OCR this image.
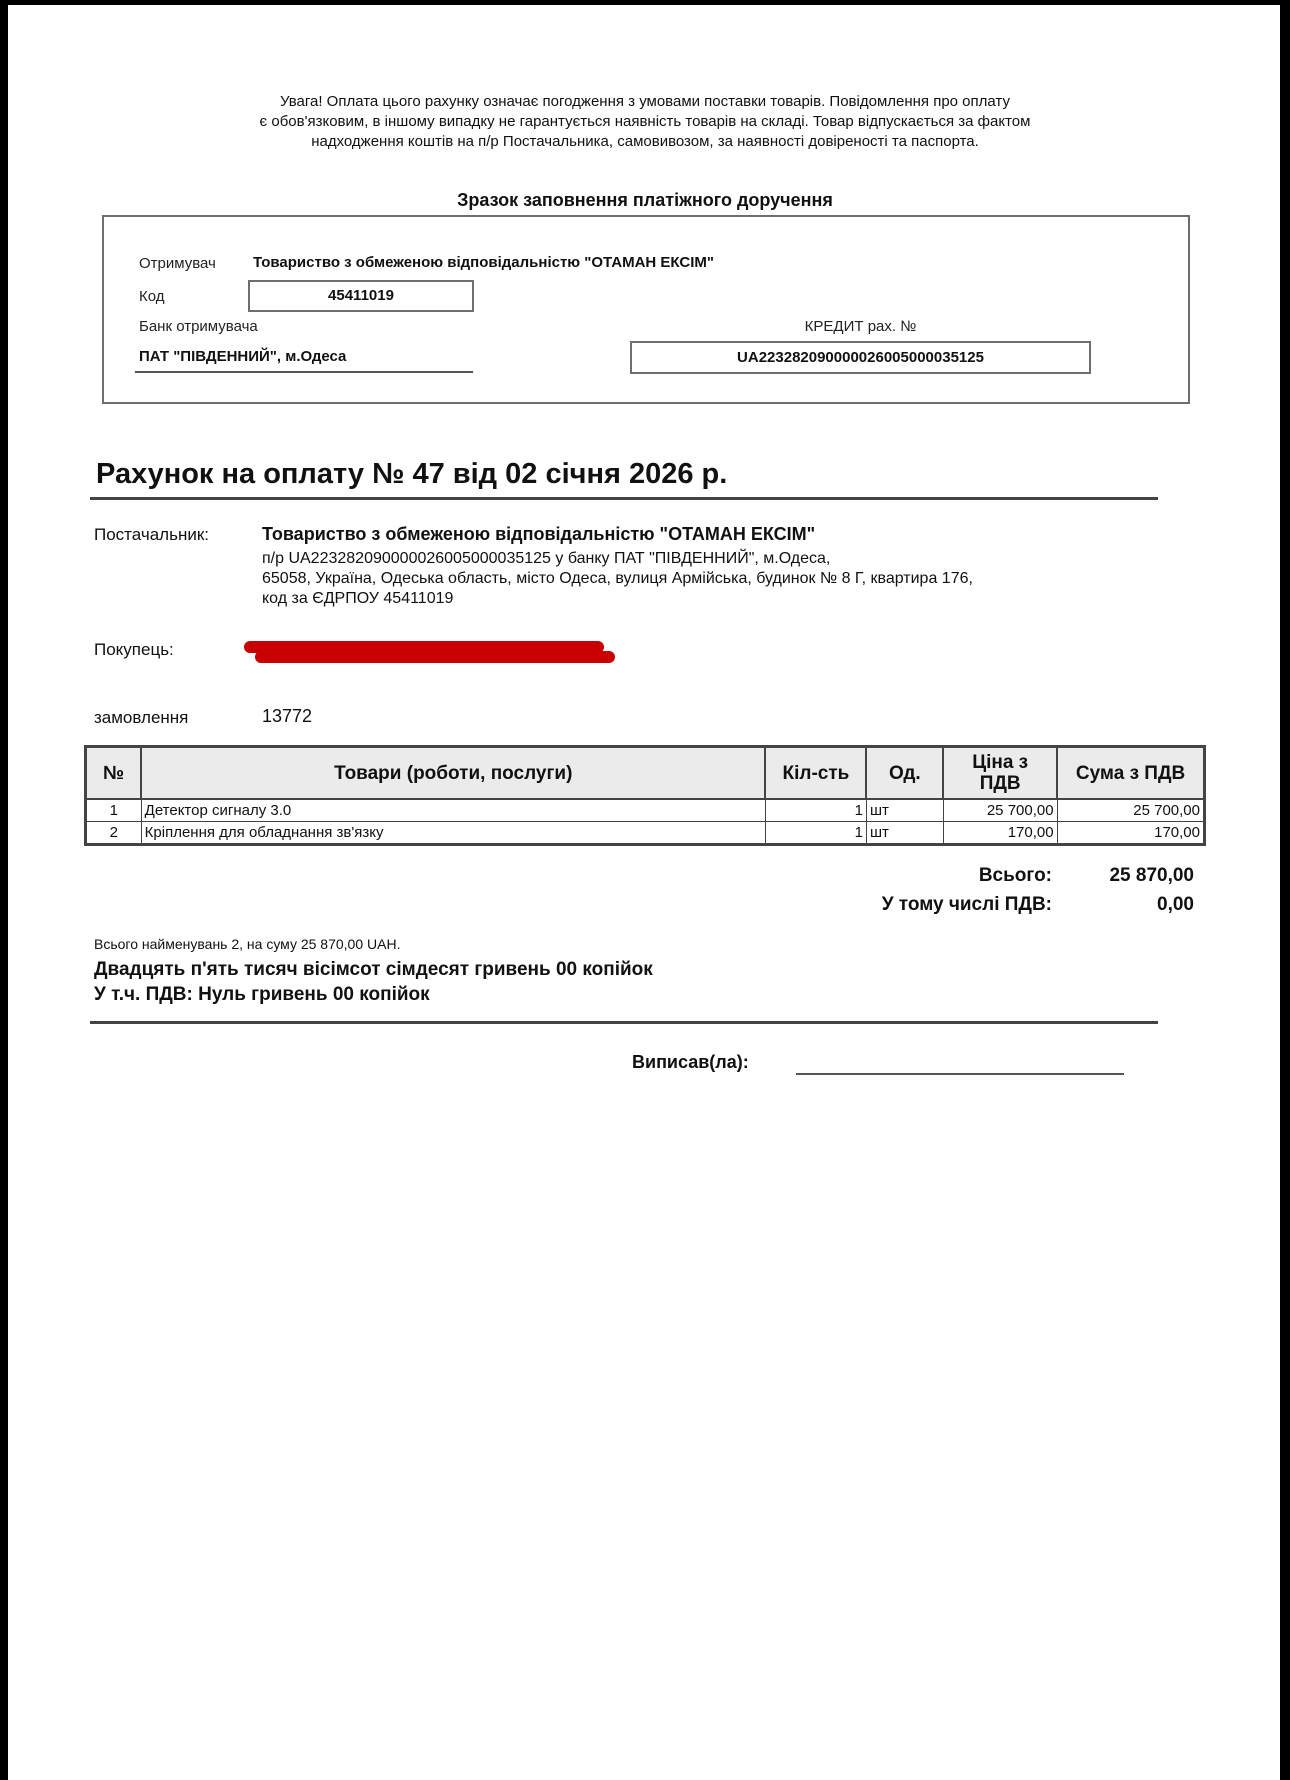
Увага! Оплата цього рахунку означає погодження з умовами поставки товарів. Повідомлення про оплату
є обов'язковим, в іншому випадку не гарантується наявність товарів на складі. Товар відпускається за фактом
надходження коштів на п/р Постачальника, самовивозом, за наявності довіреності та паспорта.
Зразок заповнення платіжного доручення
Отримувач Товариство з обмеженою відповідальністю "ОТАМАН ЕКСІМ"
Код	45411019
Банк отримувача
ПАТ "ПІВДЕННИЙ", м.Одеса
КРЕДИТ рах. №
UA223282090000026005000035125
Рахунок на оплату № 47 від 02 січня 2026 р.
Постачальник:	Товариство з обмеженою відповідальністю "ОТАМАН ЕКСІМ"
п/р UA223282090000026005000035125 у банку ПАТ "ПІВДЕННИЙ", м.Одеса,
65058, Україна, Одеська область, місто Одеса, вулиця Армійська, будинок № 8 Г, квартира 176,
код за ЄДРПОУ 45411019
Покупець:
замовлення	13772
№	Товари (роботи, послуги)	Кіл-сть	Од.	Ціна з
ПДВ	Сума з ПДВ
1	Детектор сигналу 3.0	1	шт	25 700,00	25 700,00
2	Кріплення для обладнання зв'язку	1	шт	170,00	170,00
Всього:	25 870,00
У тому числі ПДВ:	0,00
Всього найменувань 2, на суму 25 870,00 UAH.
Двадцять п'ять тисяч вісімсот сімдесят гривень 00 копійок
У т.ч. ПДВ: Нуль гривень 00 копійок
Виписав(ла):
